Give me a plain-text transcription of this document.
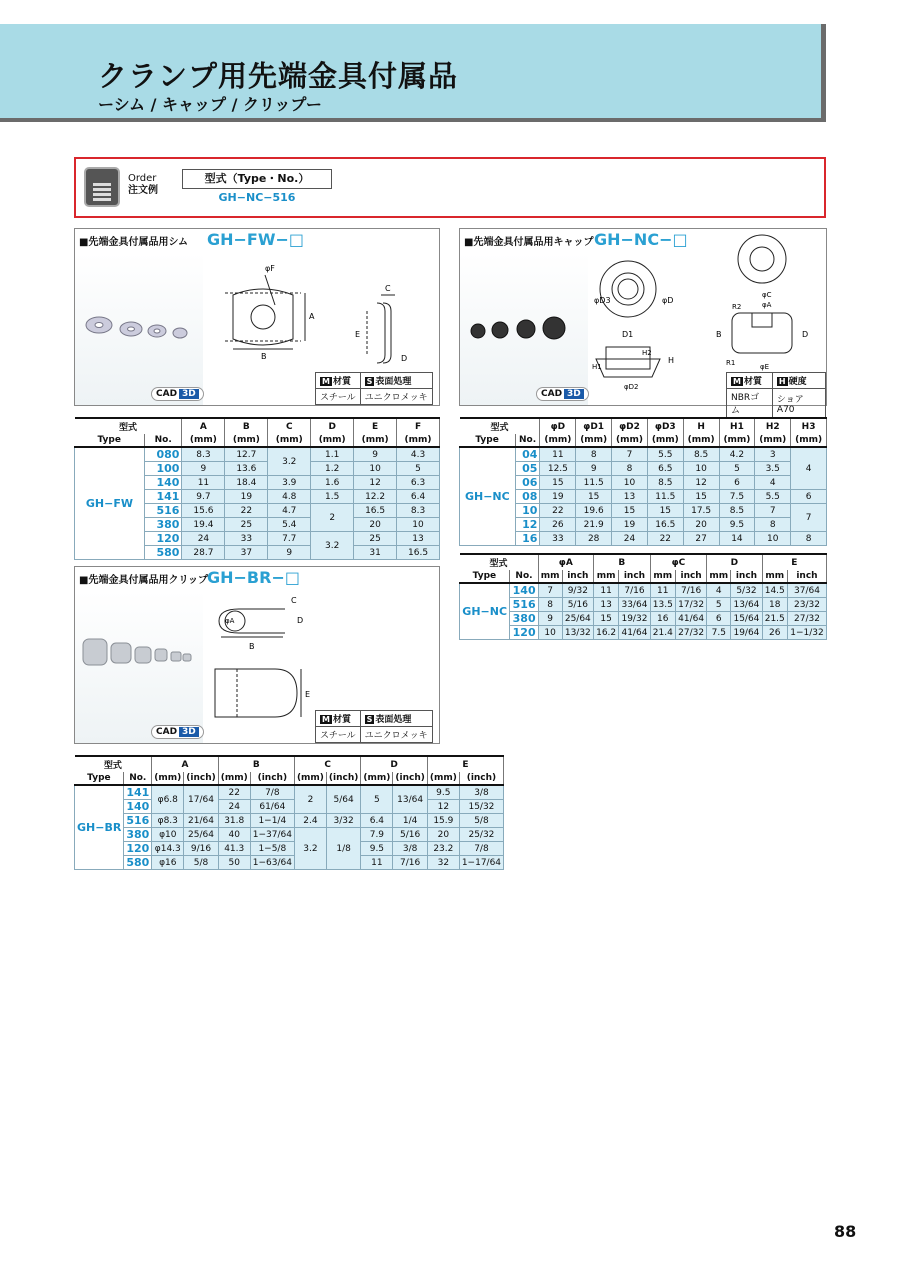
クランプ用先端金具付属品
ーシム / キャップ / クリップー
Order
注文例
型式（Type・No.）
GH−NC−516
■先端金具付属品用シム GH−FW−□
φF
A
B
C
E
D
CAD 3D
M 材質	S 表面処理
スチール	ユニクロメッキ
型式		A	B	C	D	E	F
Type	No.	(mm)	(mm)	(mm)	(mm)	(mm)	(mm)
GH−FW	080	8.3	12.7	3.2	1.1	9	4.3
	100	9	13.6		1.2	10	5
	140	11	18.4	3.9	1.6	12	6.3
	141	9.7	19	4.8	1.5	12.2	6.4
	516	15.6	22	4.7	2	16.5	8.3
	380	19.4	25	5.4		20	10
	120	24	33	7.7	3.2	25	13
	580	28.7	37	9		31	16.5
■先端金具付属品用キャップ GH−NC−□
φD3	φD
D1
H2
H
H1
φD2
φC
φA
B
R2
R1
D
φE
CAD 3D
M 材質	H 硬度
NBRゴム	ショアA70
型式		φD	φD1	φD2	φD3	H	H1	H2	H3
Type	No.	(mm)	(mm)	(mm)	(mm)	(mm)	(mm)	(mm)	(mm)
GH−NC	04	11	8	7	5.5	8.5	4.2	3	4
	05	12.5	9	8	6.5	10	5	3.5	
	06	15	11.5	10	8.5	12	6	4	
	08	19	15	13	11.5	15	7.5	5.5	6
	10	22	19.6	15	15	17.5	8.5	7	7
	12	26	21.9	19	16.5	20	9.5	8	
	16	33	28	24	22	27	14	10	8
型式		φA		B		φC		D		E	
Type	No.	mm	inch	mm	inch	mm	inch	mm	inch	mm	inch
GH−NC	140	7	9/32	11	7/16	11	7/16	4	5/32	14.5	37/64
	516	8	5/16	13	33/64	13.5	17/32	5	13/64	18	23/32
	380	9	25/64	15	19/32	16	41/64	6	15/64	21.5	27/32
	120	10	13/32	16.2	41/64	21.4	27/32	7.5	19/64	26	1−1/32
■先端金具付属品用クリップ
GH−BR−□
C
φA	D
B
E
CAD 3D
M 材質	S 表面処理
スチール	ユニクロメッキ
型式		A		B		C		D		E	
Type	No.	(mm)	(inch)	(mm)	(inch)	(mm)	(inch)	(mm)	(inch)	(mm)	(inch)
GH−BR	141	φ6.8	17/64	22	7/8	2	5/64	5	13/64	9.5	3/8
	140			24	61/64					12	15/32
	516	φ8.3	21/64	31.8	1−1/4	2.4	3/32	6.4	1/4	15.9	5/8
	380	φ10	25/64	40	1−37/64	3.2	1/8	7.9	5/16	20	25/32
	120	φ14.3	9/16	41.3	1−5/8			9.5	3/8	23.2	7/8
	580	φ16	5/8	50	1−63/64			11	7/16	32	1−17/64
88
